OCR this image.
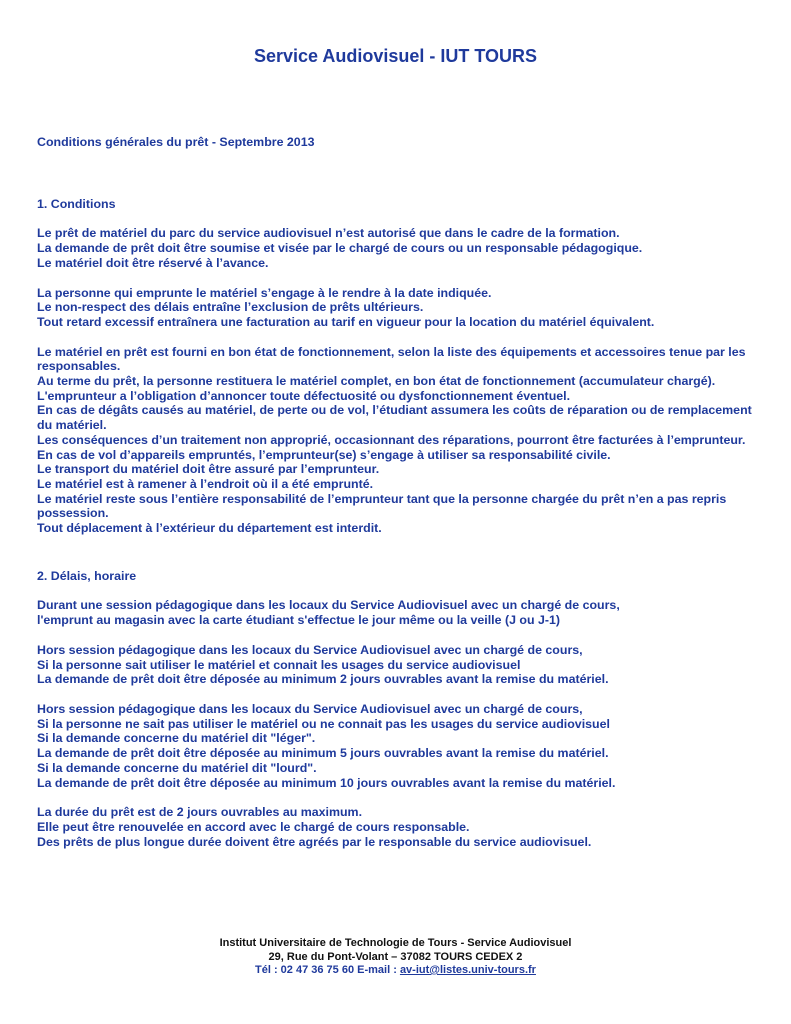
Service Audiovisuel - IUT TOURS

Conditions générales du prêt - Septembre 2013

1. Conditions

Le prêt de matériel du parc du service audiovisuel n’est autorisé que dans le cadre de la formation.
La demande de prêt doit être soumise et visée par le chargé de cours ou un responsable pédagogique.
Le matériel doit être réservé à l’avance.

La personne qui emprunte le matériel s’engage à le rendre à la date indiquée.
Le non-respect des délais entraîne l’exclusion de prêts ultérieurs.
Tout retard excessif entraînera une facturation au tarif en vigueur pour la location du matériel équivalent.

Le matériel en prêt est fourni en bon état de fonctionnement, selon la liste des équipements et accessoires tenue par les responsables.
Au terme du prêt, la personne restituera le matériel complet, en bon état de fonctionnement (accumulateur chargé).
L'emprunteur a l’obligation d’annoncer toute défectuosité ou dysfonctionnement éventuel.
En cas de dégâts causés au matériel, de perte ou de vol, l’étudiant assumera les coûts de réparation ou de remplacement du matériel.
Les conséquences d’un traitement non approprié, occasionnant des réparations, pourront être facturées à l’emprunteur.
En cas de vol d’appareils empruntés, l’emprunteur(se) s’engage à utiliser sa responsabilité civile.
Le transport du matériel doit être assuré par l’emprunteur.
Le matériel est à ramener à l’endroit où il a été emprunté.
Le matériel reste sous l’entière responsabilité de l’emprunteur tant que la personne chargée du prêt n’en a pas repris possession.
Tout déplacement à l’extérieur du département est interdit.

2. Délais, horaire

Durant une session pédagogique dans les locaux du Service Audiovisuel avec un chargé de cours,
l'emprunt au magasin avec la carte étudiant s'effectue le jour même ou la veille (J ou J-1)

Hors session pédagogique dans les locaux du Service Audiovisuel avec un chargé de cours,
Si la personne sait utiliser le matériel et connait les usages du service audiovisuel
La demande de prêt doit être déposée au minimum 2 jours ouvrables avant la remise du matériel.

Hors session pédagogique dans les locaux du Service Audiovisuel avec un chargé de cours,
Si la personne ne sait pas utiliser le matériel ou ne connait pas les usages du service audiovisuel
Si la demande concerne du matériel dit "léger".
La demande de prêt doit être déposée au minimum 5 jours ouvrables avant la remise du matériel.
Si la demande concerne du matériel dit "lourd".
La demande de prêt doit être déposée au minimum 10 jours ouvrables avant la remise du matériel.

La durée du prêt est de 2 jours ouvrables au maximum.
Elle peut être renouvelée en accord avec le chargé de cours responsable.
Des prêts de plus longue durée doivent être agréés par le responsable du service audiovisuel.

Institut Universitaire de Technologie de Tours - Service Audiovisuel
29, Rue du Pont-Volant – 37082 TOURS CEDEX 2
Tél : 02 47 36 75 60 E-mail : av-iut@listes.univ-tours.fr
